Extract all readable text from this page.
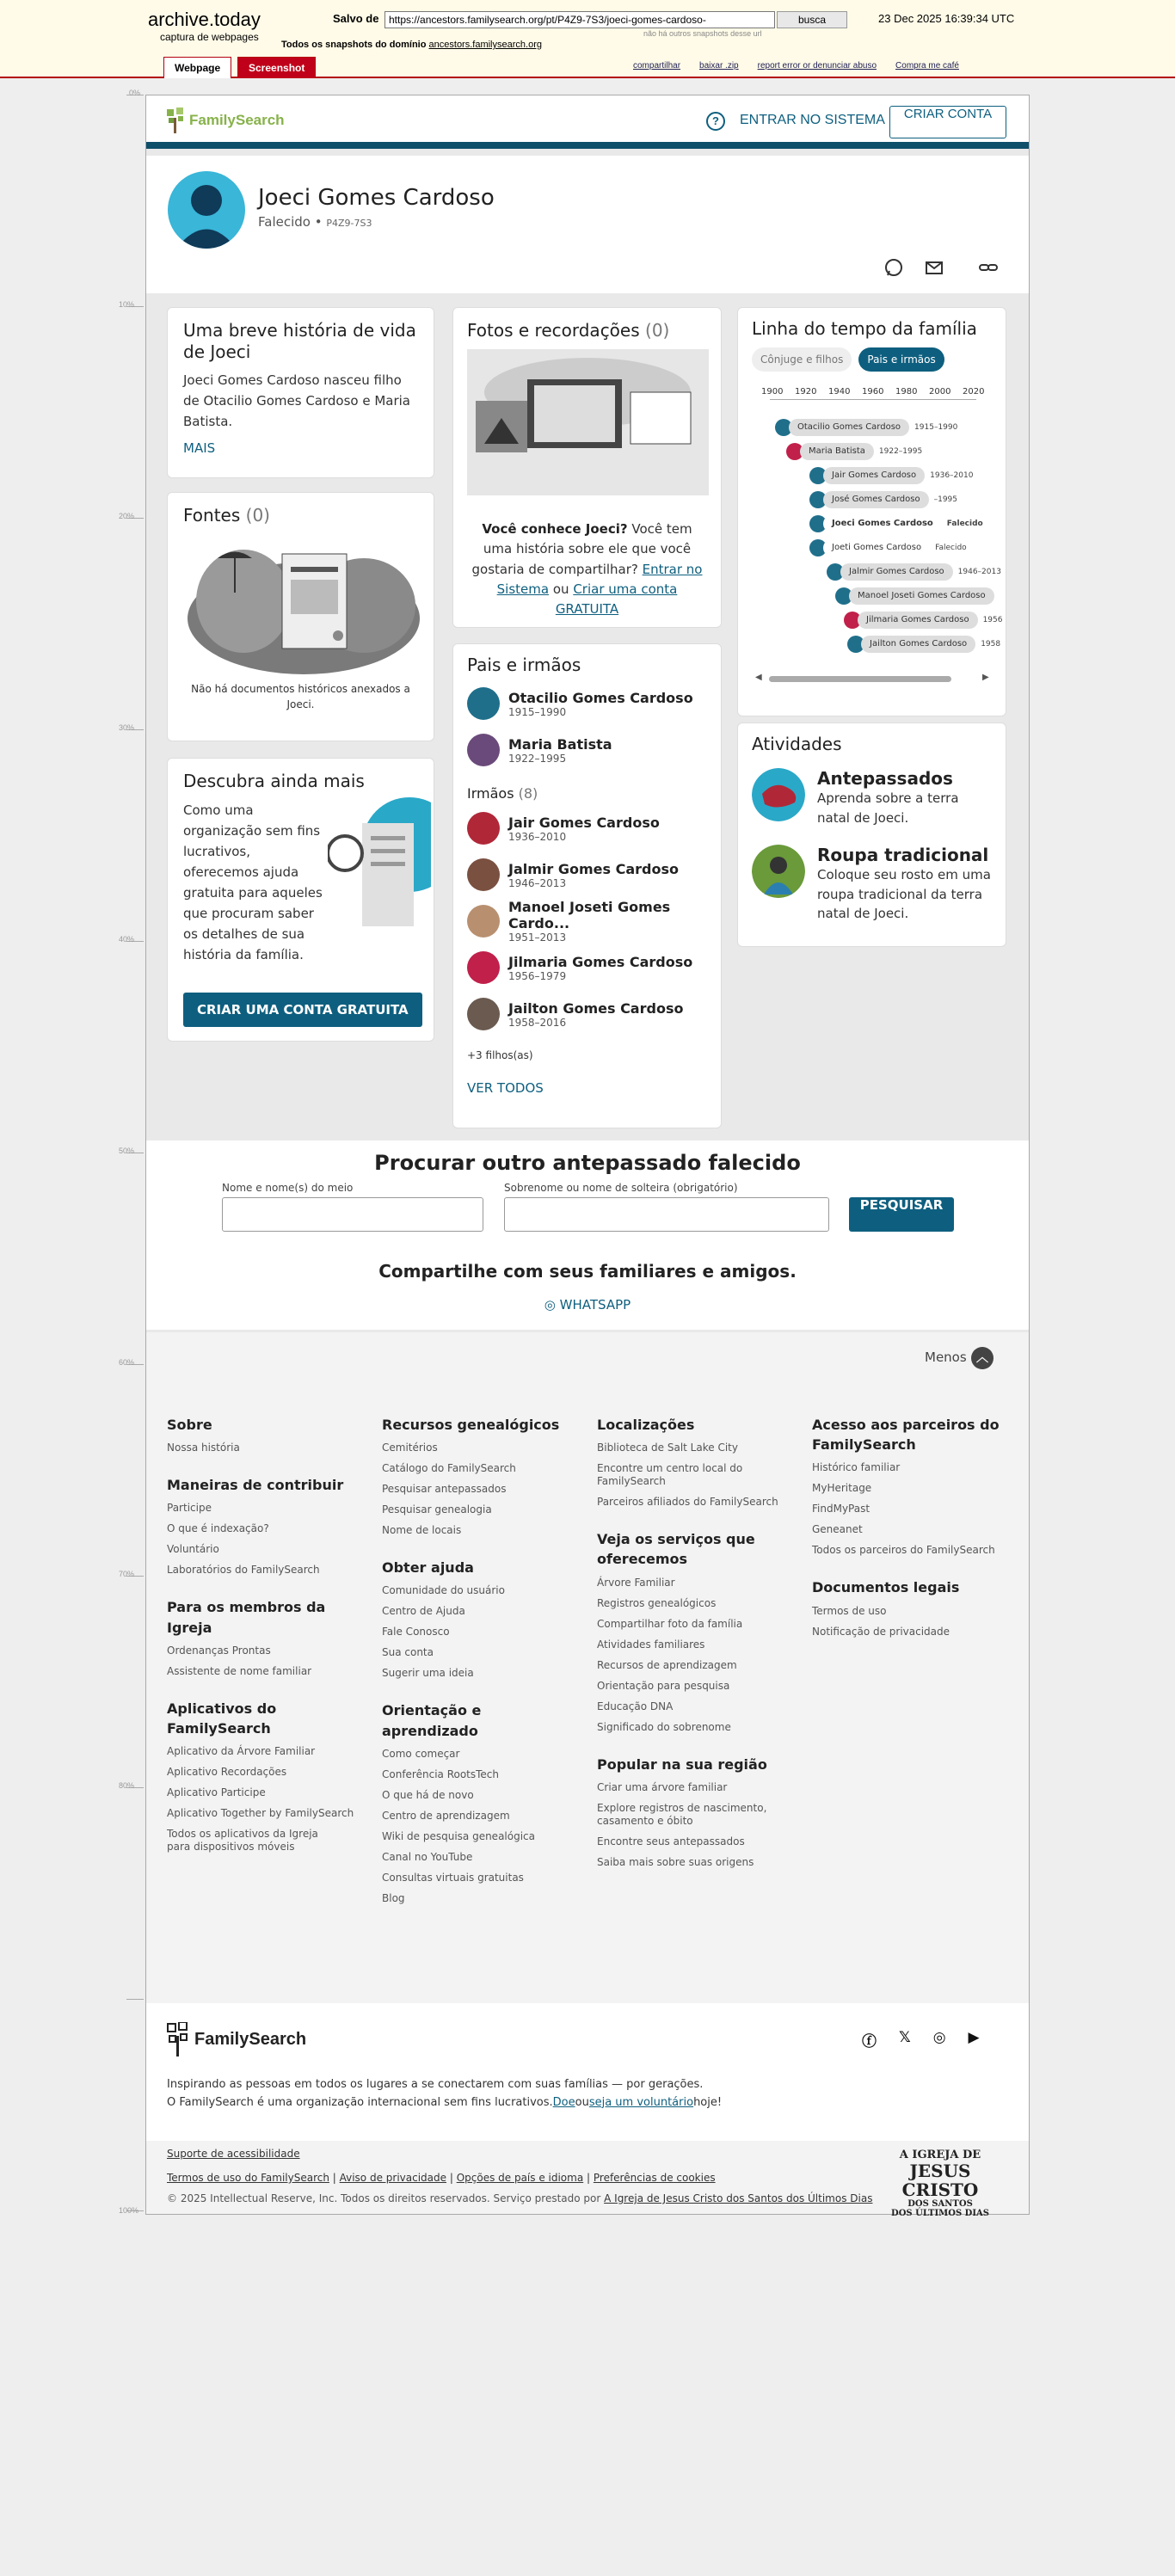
archive.today
captura de webpages
Salvo de https://ancestors.familysearch.org/pt/P4Z9-7S3/joeci-gomes-cardoso-	busca
não há outros snapshots desse url
23 Dec 2025 16:39:34 UTC
Todos os snapshots do domínio ancestors.familysearch.org
Webpage	Screenshot	compartilhar baixar .zip report error or denunciar abuso Compra me café
0%
10%
20%
30%
40%
50%
60%
70%
80%
100%
FamilySearch	?	ENTRAR NO SISTEMA	CRIAR CONTA
Joeci Gomes Cardoso
Falecido • P4Z9-7S3
Uma breve história de vida de Joeci
Joeci Gomes Cardoso nasceu filho de Otacilio Gomes Cardoso e Maria Batista.
MAIS
Fontes (0)
Não há documentos históricos anexados a Joeci.
Descubra ainda mais
Como uma organização sem fins lucrativos, oferecemos ajuda gratuita para aqueles que procuram saber os detalhes de sua história da família.
CRIAR UMA CONTA GRATUITA
Fotos e recordações (0)
Você conhece Joeci? Você tem uma história sobre ele que você gostaria de compartilhar? Entrar no Sistema ou Criar uma conta GRATUITA
Pais e irmãos
Otacilio Gomes Cardoso
1915–1990
Maria Batista
1922–1995
Irmãos (8)
Jair Gomes Cardoso
1936–2010
Jalmir Gomes Cardoso
1946–2013
Manoel Joseti Gomes Cardo...
1951–2013
Jilmaria Gomes Cardoso
1956–1979
Jailton Gomes Cardoso
1958–2016
+3 filhos(as)
VER TODOS
Linha do tempo da família
Cônjuge e filhos	Pais e irmãos
1900 1920 1940 1960 1980 2000 2020
Otacilio Gomes Cardoso	1915–1990
Maria Batista	1922–1995
Jair Gomes Cardoso	1936–2010
José Gomes Cardoso	–1995
Joeci Gomes Cardoso	Falecido
Joeti Gomes Cardoso	Falecido
Jalmir Gomes Cardoso	1946–2013
Manoel Joseti Gomes Cardoso
Jilmaria Gomes Cardoso	1956
Jailton Gomes Cardoso	1958
◀	▶
Atividades
Antepassados
Aprenda sobre a terra natal de Joeci.
Roupa tradicional
Coloque seu rosto em uma roupa tradicional da terra natal de Joeci.
Procurar outro antepassado falecido
Nome e nome(s) do meio	Sobrenome ou nome de solteira (obrigatório)
PESQUISAR
Compartilhe com seus familiares e amigos.
◎ WHATSAPP
Menos ︿
Sobre
Nossa história
Maneiras de contribuir
Participe
O que é indexação?
Voluntário
Laboratórios do FamilySearch
Para os membros da Igreja
Ordenanças Prontas
Assistente de nome familiar
Aplicativos do FamilySearch
Aplicativo da Árvore Familiar
Aplicativo Recordações
Aplicativo Participe
Aplicativo Together by FamilySearch
Todos os aplicativos da Igreja para dispositivos móveis
Recursos genealógicos
Cemitérios
Catálogo do FamilySearch
Pesquisar antepassados
Pesquisar genealogia
Nome de locais
Obter ajuda
Comunidade do usuário
Centro de Ajuda
Fale Conosco
Sua conta
Sugerir uma ideia
Orientação e aprendizado
Como começar
Conferência RootsTech
O que há de novo
Centro de aprendizagem
Wiki de pesquisa genealógica
Canal no YouTube
Consultas virtuais gratuitas
Blog
Localizações
Biblioteca de Salt Lake City
Encontre um centro local do FamilySearch
Parceiros afiliados do FamilySearch
Veja os serviços que oferecemos
Árvore Familiar
Registros genealógicos
Compartilhar foto da família
Atividades familiares
Recursos de aprendizagem
Orientação para pesquisa
Educação DNA
Significado do sobrenome
Popular na sua região
Criar uma árvore familiar
Explore registros de nascimento, casamento e óbito
Encontre seus antepassados
Saiba mais sobre suas origens
Acesso aos parceiros do FamilySearch
Histórico familiar
MyHeritage
FindMyPast
Geneanet
Todos os parceiros do FamilySearch
Documentos legais
Termos de uso
Notificação de privacidade
FamilySearch	ⓕ 𝕏 ◎ ▶
Inspirando as pessoas em todos os lugares a se conectarem com suas famílias — por gerações.
O FamilySearch é uma organização internacional sem fins lucrativos.Doeouseja um voluntáriohoje!
Suporte de acessibilidade
Termos de uso do FamilySearch | Aviso de privacidade | Opções de país e idioma | Preferências de cookies
© 2025 Intellectual Reserve, Inc. Todos os direitos reservados. Serviço prestado por A Igreja de Jesus Cristo dos Santos dos Últimos Dias
A IGREJA DE
JESUS CRISTO
DOS SANTOS
DOS ÚLTIMOS DIAS
